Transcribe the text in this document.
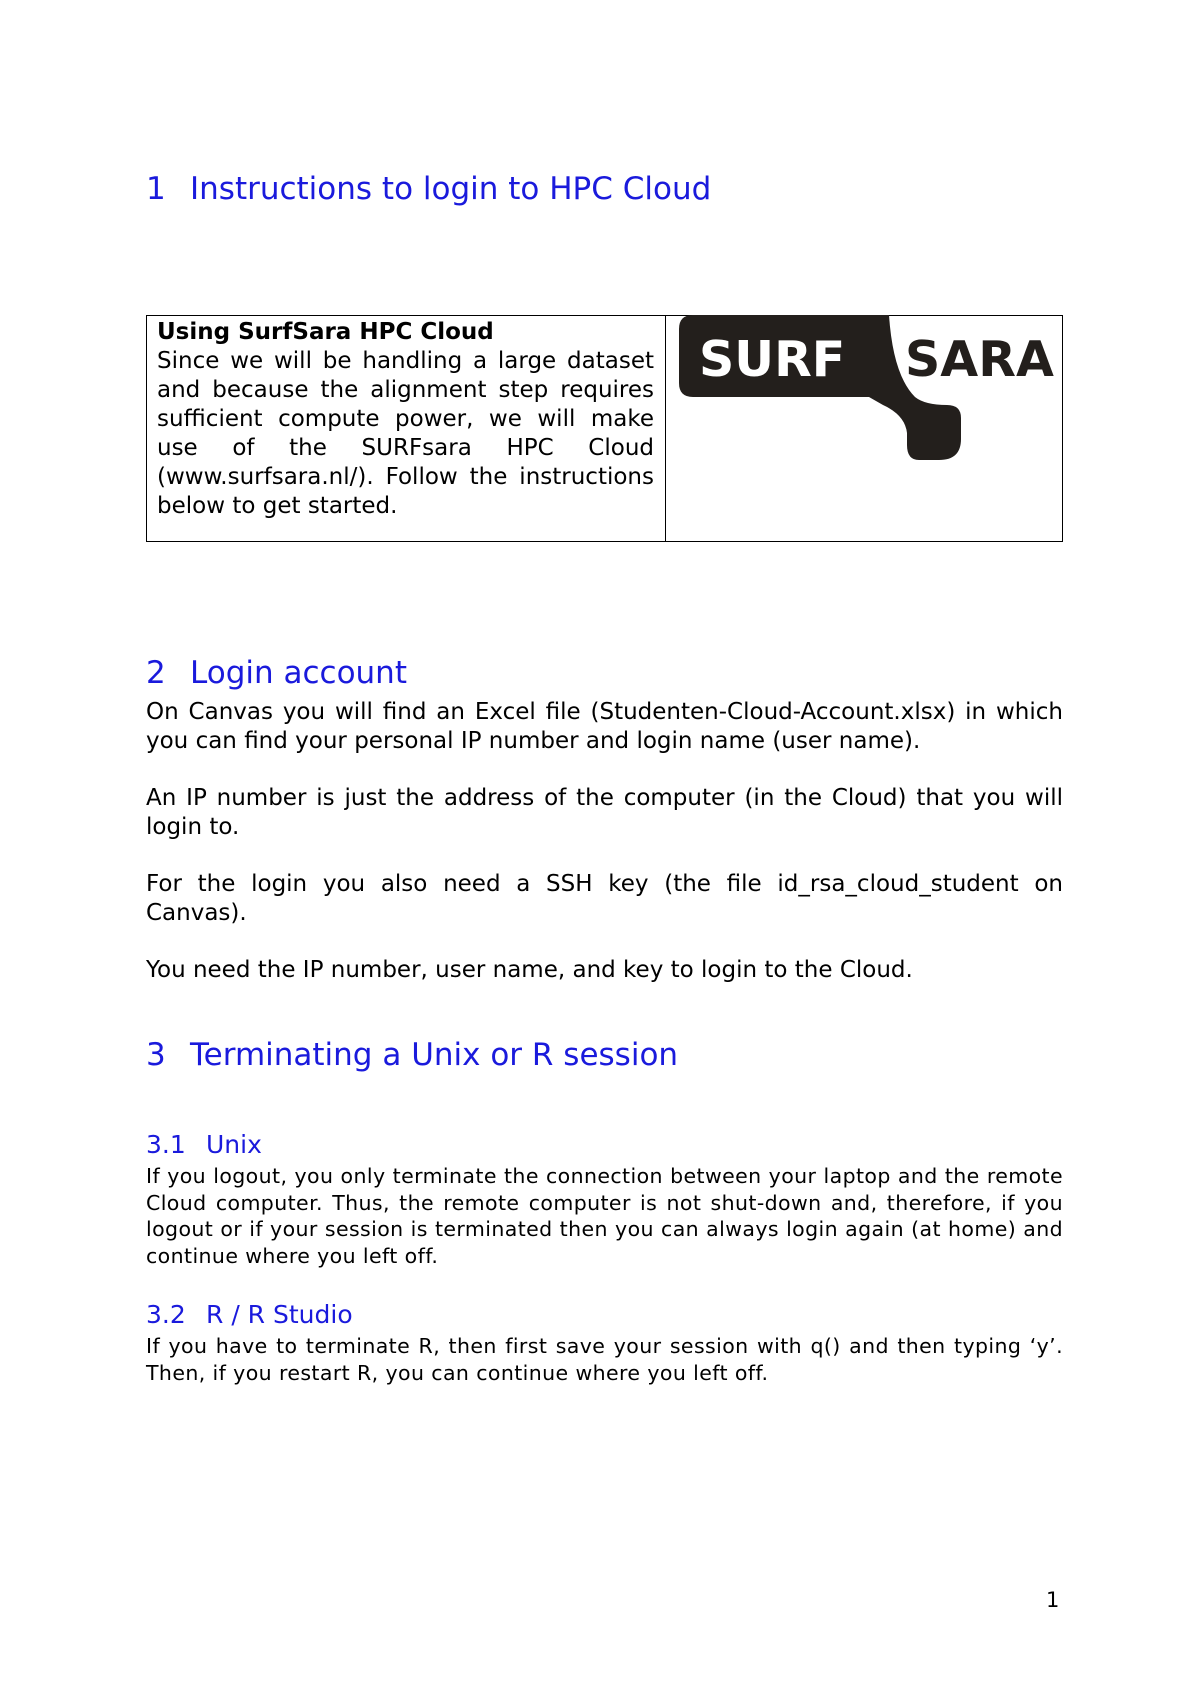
1 Instructions to login to HPC Cloud
Using SurfSara HPC Cloud
Since we will be handling a large dataset and because the alignment step requires sufficient compute power, we will make use of the SURFsara HPC Cloud (www.surfsara.nl/). Follow the instructions below to get started.
SURF SARA
2 Login account

On Canvas you will find an Excel file (Studenten-Cloud-Account.xlsx) in which you can find your personal IP number and login name (user name).

An IP number is just the address of the computer (in the Cloud) that you will login to.

For the login you also need a SSH key (the file id_rsa_cloud_student on Canvas).

You need the IP number, user name, and key to login to the Cloud.

3 Terminating a Unix or R session
3.1 Unix

If you logout, you only terminate the connection between your laptop and the remote Cloud computer. Thus, the remote computer is not shut-down and, therefore, if you logout or if your session is terminated then you can always login again (at home) and continue where you left off.

3.2 R / R Studio

If you have to terminate R, then first save your session with q() and then typing ‘y’. Then, if you restart R, you can continue where you left off.

1
